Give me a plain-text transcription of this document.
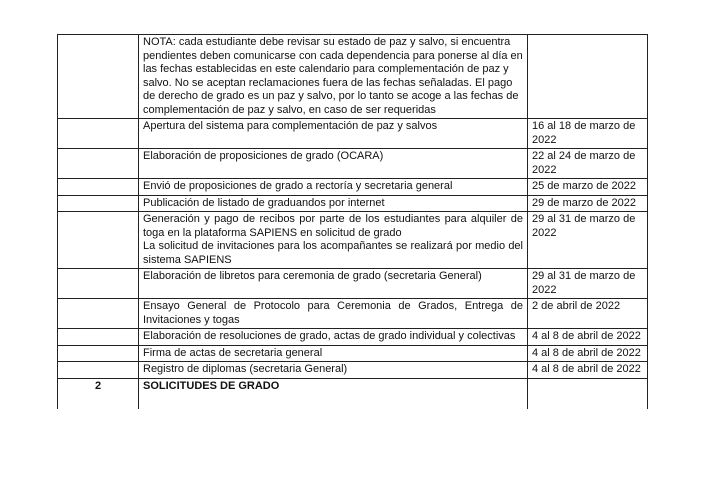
	NOTA: cada estudiante debe revisar su estado de paz y salvo, si encuentra pendientes deben comunicarse con cada dependencia para ponerse al día en las fechas establecidas en este calendario para complementación de paz y salvo. No se aceptan reclamaciones fuera de las fechas señaladas. El pago de derecho de grado es un paz y salvo, por lo tanto se acoge a las fechas de complementación de paz y salvo, en caso de ser requeridas	
	Apertura del sistema para complementación de paz y salvos	16 al 18 de marzo de 2022
	Elaboración de proposiciones de grado (OCARA)	22 al 24 de marzo de 2022
	Envió de proposiciones de grado a rectoría y secretaria general	25 de marzo de 2022
	Publicación de listado de graduandos por internet	29 de marzo de 2022

	Generación y pago de recibos por parte de los estudiantes para alquiler de toga en la plataforma SAPIENS en solicitud de grado
La solicitud de invitaciones para los acompañantes se realizará por medio del sistema SAPIENS	29 al 31 de marzo de 2022
	Elaboración de libretos para ceremonia de grado (secretaria General)	29 al 31 de marzo de 2022
	Ensayo General de Protocolo para Ceremonia de Grados, Entrega de Invitaciones y togas	2 de abril de 2022
	Elaboración de resoluciones de grado, actas de grado individual y colectivas	4 al 8 de abril de 2022
	Firma de actas de secretaria general	4 al 8 de abril de 2022
	Registro de diplomas (secretaria General)	4 al 8 de abril de 2022
2	SOLICITUDES DE GRADO	
